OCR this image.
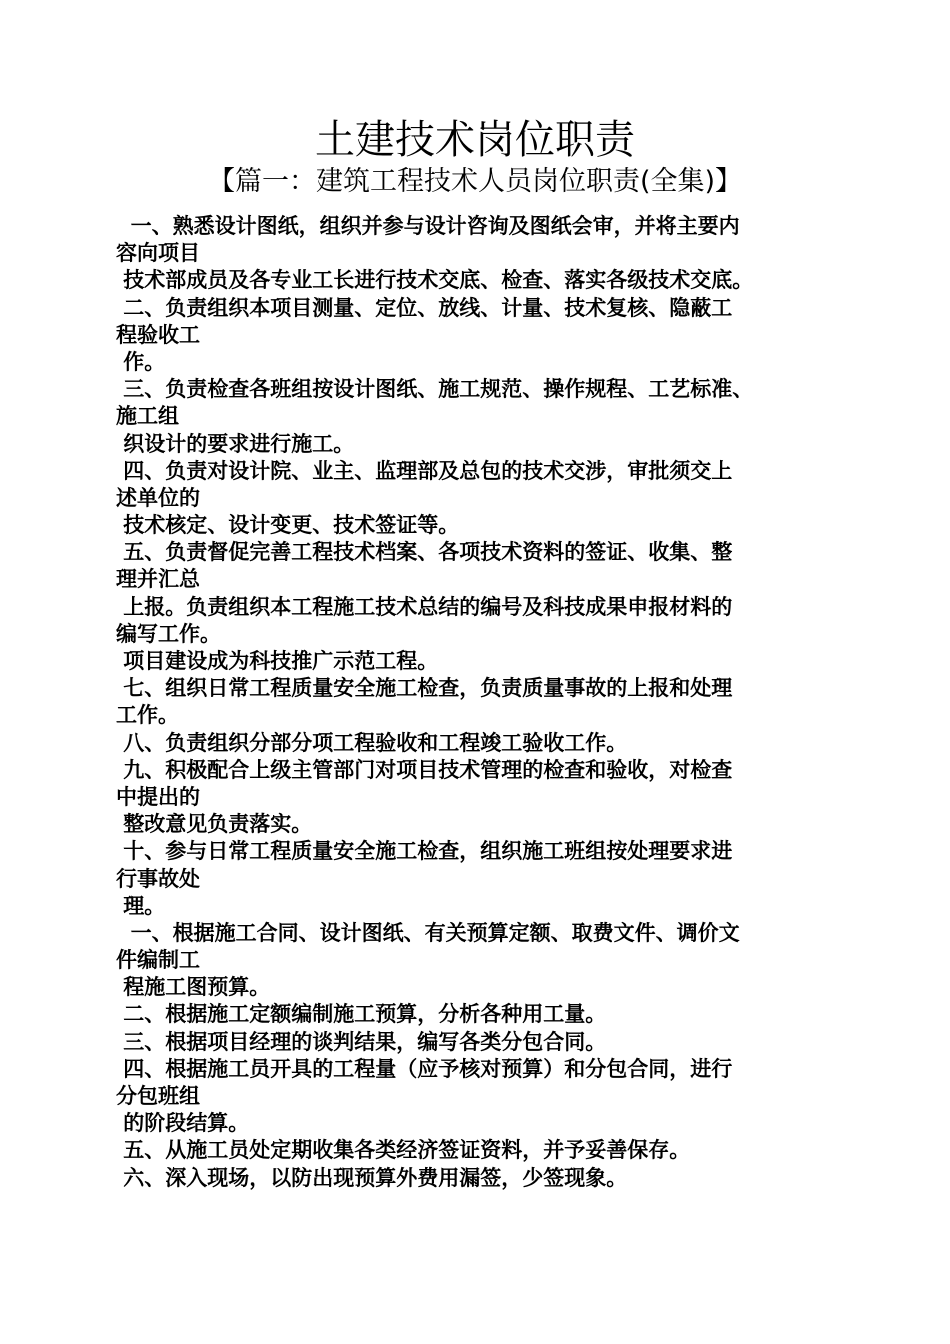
土建技术岗位职责
【篇一：建筑工程技术人员岗位职责(全集)】
一、熟悉设计图纸，组织并参与设计咨询及图纸会审，并将主要内
容向项目
技术部成员及各专业工长进行技术交底、检查、落实各级技术交底。
二、负责组织本项目测量、定位、放线、计量、技术复核、隐蔽工
程验收工
作。
三、负责检查各班组按设计图纸、施工规范、操作规程、工艺标准、
施工组
织设计的要求进行施工。
四、负责对设计院、业主、监理部及总包的技术交涉，审批须交上
述单位的
技术核定、设计变更、技术签证等。
五、负责督促完善工程技术档案、各项技术资料的签证、收集、整
理并汇总
上报。负责组织本工程施工技术总结的编号及科技成果申报材料的
编写工作。
项目建设成为科技推广示范工程。
七、组织日常工程质量安全施工检查，负责质量事故的上报和处理
工作。
八、负责组织分部分项工程验收和工程竣工验收工作。
九、积极配合上级主管部门对项目技术管理的检查和验收，对检查
中提出的
整改意见负责落实。
十、参与日常工程质量安全施工检查，组织施工班组按处理要求进
行事故处
理。
一、根据施工合同、设计图纸、有关预算定额、取费文件、调价文
件编制工
程施工图预算。
二、根据施工定额编制施工预算，分析各种用工量。
三、根据项目经理的谈判结果，编写各类分包合同。
四、根据施工员开具的工程量（应予核对预算）和分包合同，进行
分包班组
的阶段结算。
五、从施工员处定期收集各类经济签证资料，并予妥善保存。
六、深入现场，以防出现预算外费用漏签，少签现象。
